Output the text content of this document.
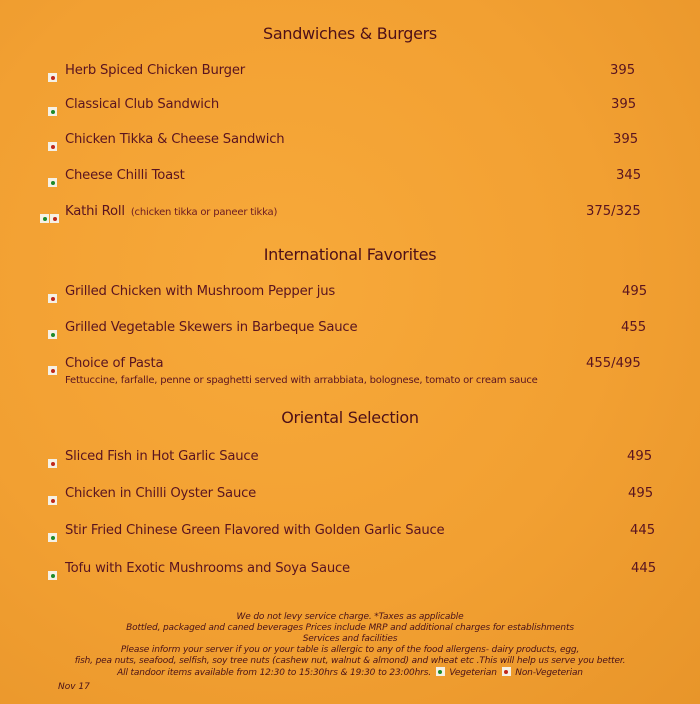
Sandwiches & Burgers
Herb Spiced Chicken Burger	395
Classical Club Sandwich	395
Chicken Tikka & Cheese Sandwich	395
Cheese Chilli Toast	345
Kathi Roll (chicken tikka or paneer tikka)	375/325
International Favorites
Grilled Chicken with Mushroom Pepper jus	495
Grilled Vegetable Skewers in Barbeque Sauce	455
Choice of Pasta	455/495
Fettuccine, farfalle, penne or spaghetti served with arrabbiata, bolognese, tomato or cream sauce
Oriental Selection
Sliced Fish in Hot Garlic Sauce	495
Chicken in Chilli Oyster Sauce	495
Stir Fried Chinese Green Flavored with Golden Garlic Sauce	445
Tofu with Exotic Mushrooms and Soya Sauce	445
We do not levy service charge. *Taxes as applicable
Bottled, packaged and caned beverages Prices include MRP and additional charges for establishments
Services and facilities
Please inform your server if you or your table is allergic to any of the food allergens- dairy products, egg,
fish, pea nuts, seafood, selfish, soy tree nuts (cashew nut, walnut & almond) and wheat etc .This will help us serve you better.
All tandoor items available from 12:30 to 15:30hrs & 19:30 to 23:00hrs. Vegeterian Non-Vegeterian
Nov 17
